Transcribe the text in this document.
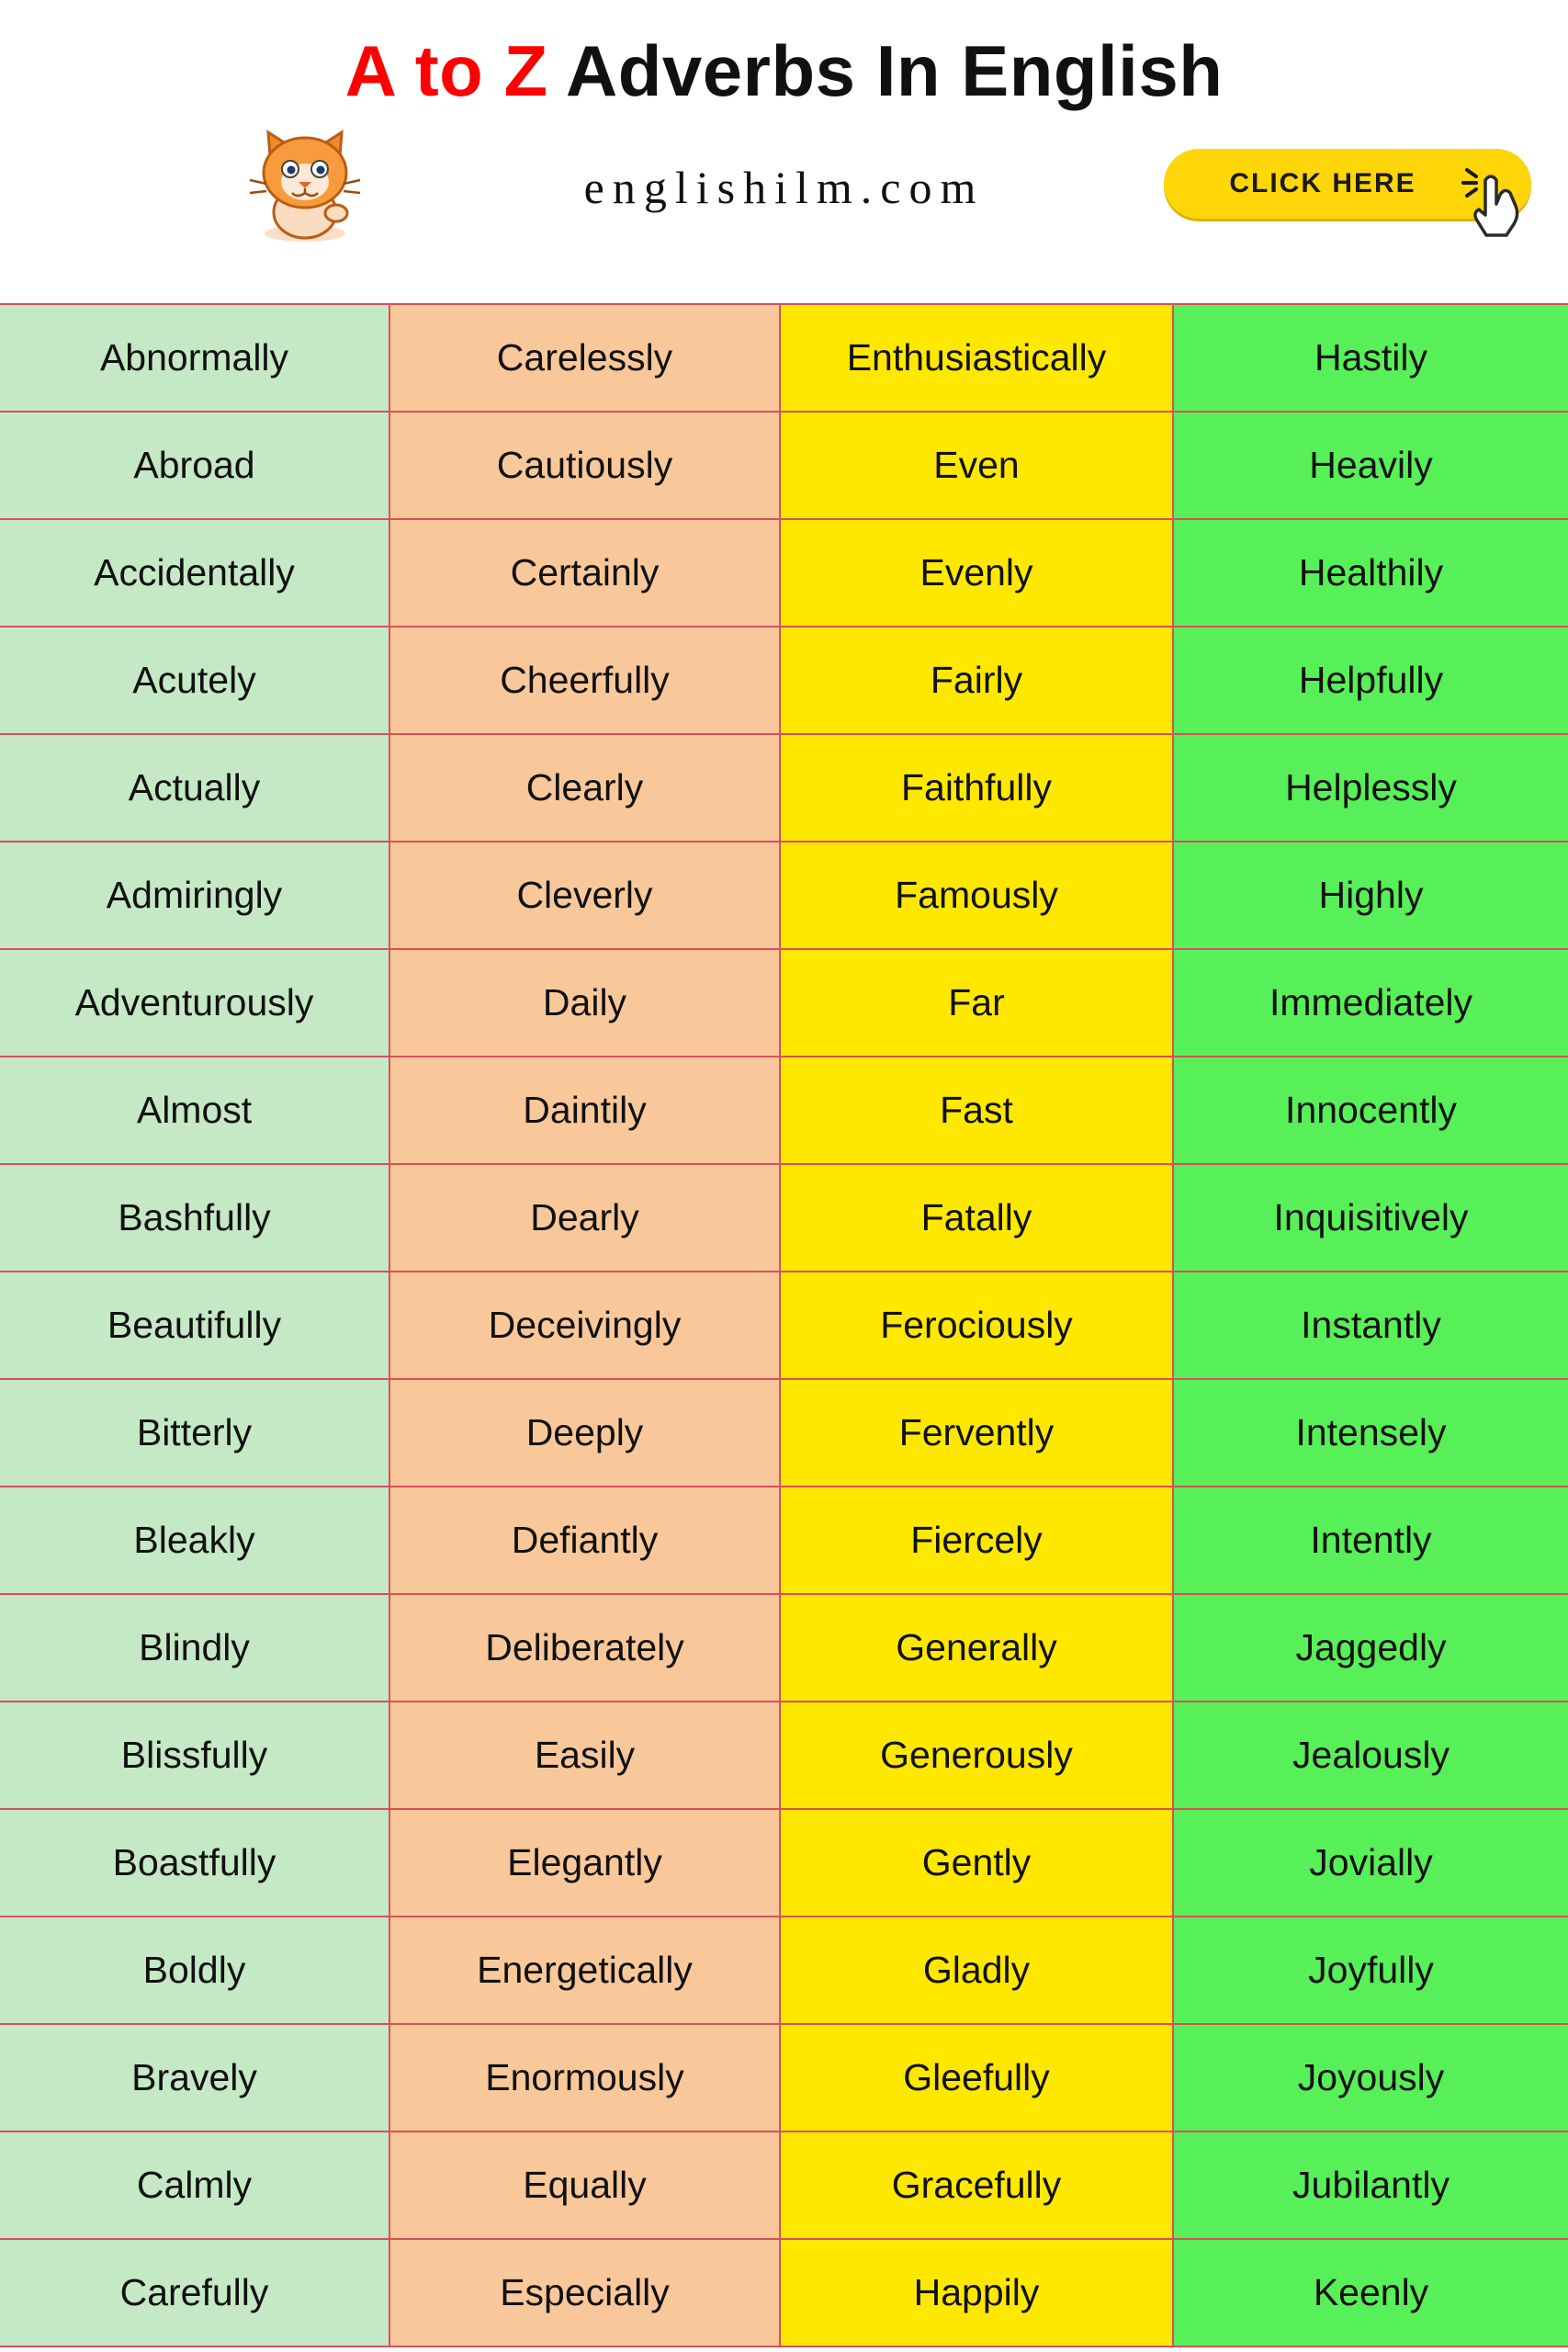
A to Z Adverbs In English
englishilm.com	CLICK HERE
Abnormally	Carelessly	Enthusiastically	Hastily
Abroad	Cautiously	Even	Heavily
Accidentally	Certainly	Evenly	Healthily
Acutely	Cheerfully	Fairly	Helpfully
Actually	Clearly	Faithfully	Helplessly
Admiringly	Cleverly	Famously	Highly
Adventurously	Daily	Far	Immediately
Almost	Daintily	Fast	Innocently
Bashfully	Dearly	Fatally	Inquisitively
Beautifully	Deceivingly	Ferociously	Instantly
Bitterly	Deeply	Fervently	Intensely
Bleakly	Defiantly	Fiercely	Intently
Blindly	Deliberately	Generally	Jaggedly
Blissfully	Easily	Generously	Jealously
Boastfully	Elegantly	Gently	Jovially
Boldly	Energetically	Gladly	Joyfully
Bravely	Enormously	Gleefully	Joyously
Calmly	Equally	Gracefully	Jubilantly
Carefully	Especially	Happily	Keenly
